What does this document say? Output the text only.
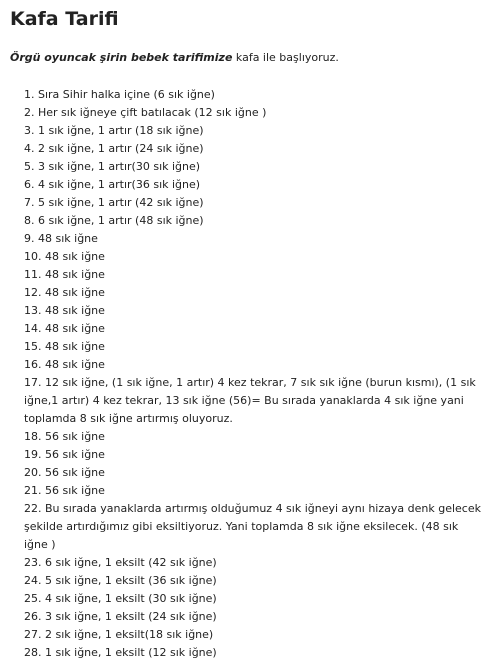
Kafa Tarifi

Örgü oyuncak şirin bebek tarifimize kafa ile başlıyoruz.

1. Sıra Sihir halka içine (6 sık iğne)
2. Her sık iğneye çift batılacak (12 sık iğne )
3. 1 sık iğne, 1 artır (18 sık iğne)
4. 2 sık iğne, 1 artır (24 sık iğne)
5. 3 sık iğne, 1 artır(30 sık iğne)
6. 4 sık iğne, 1 artır(36 sık iğne)
7. 5 sık iğne, 1 artır (42 sık iğne)
8. 6 sık iğne, 1 artır (48 sık iğne)
9. 48 sık iğne
10. 48 sık iğne
11. 48 sık iğne
12. 48 sık iğne
13. 48 sık iğne
14. 48 sık iğne
15. 48 sık iğne
16. 48 sık iğne
17. 12 sık iğne, (1 sık iğne, 1 artır) 4 kez tekrar, 7 sık sık iğne (burun kısmı), (1 sık iğne,1 artır) 4 kez tekrar, 13 sık iğne (56)= Bu sırada yanaklarda 4 sık iğne yani toplamda 8 sık iğne artırmış oluyoruz.
18. 56 sık iğne
19. 56 sık iğne
20. 56 sık iğne
21. 56 sık iğne
22. Bu sırada yanaklarda artırmış olduğumuz 4 sık iğneyi aynı hizaya denk gelecek şekilde artırdığımız gibi eksiltiyoruz. Yani toplamda 8 sık iğne eksilecek. (48 sık iğne )
23. 6 sık iğne, 1 eksilt (42 sık iğne)
24. 5 sık iğne, 1 eksilt (36 sık iğne)
25. 4 sık iğne, 1 eksilt (30 sık iğne)
26. 3 sık iğne, 1 eksilt (24 sık iğne)
27. 2 sık iğne, 1 eksilt(18 sık iğne)
28. 1 sık iğne, 1 eksilt (12 sık iğne)
